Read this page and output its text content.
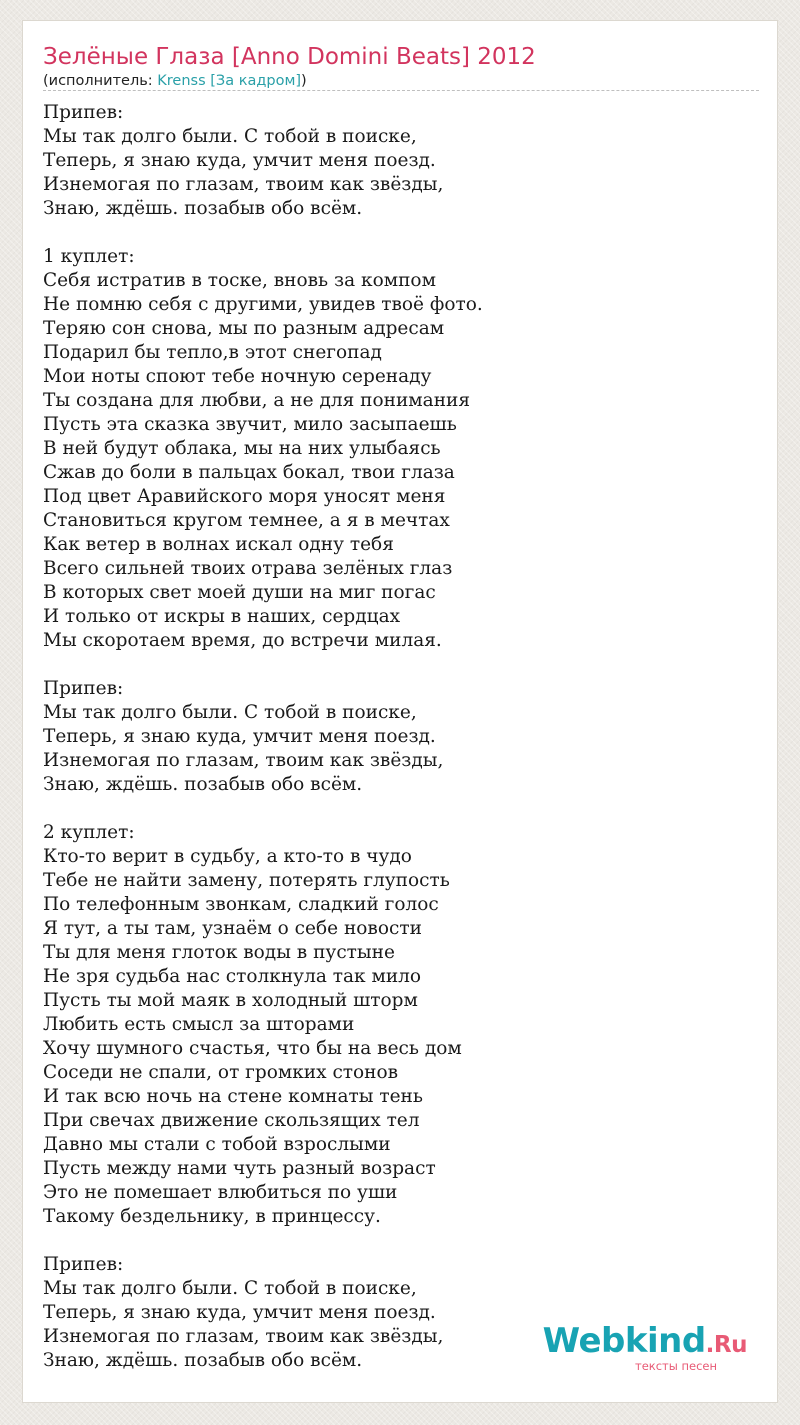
Зелёные Глаза [Anno Domini Beats] 2012
(исполнитель: Krenss [За кадром])
Припев:
Мы так долго были. С тобой в поиске,
Теперь, я знаю куда, умчит меня поезд.
Изнемогая по глазам, твоим как звёзды,
Знаю, ждёшь. позабыв обо всём.

1 куплет:
Себя истратив в тоске, вновь за компом
Не помню себя с другими, увидев твоё фото.
Теряю сон снова, мы по разным адресам
Подарил бы тепло,в этот снегопад
Мои ноты споют тебе ночную серенаду
Ты создана для любви, а не для понимания
Пусть эта сказка звучит, мило засыпаешь
В ней будут облака, мы на них улыбаясь
Сжав до боли в пальцах бокал, твои глаза
Под цвет Аравийского моря уносят меня
Становиться кругом темнее, а я в мечтах
Как ветер в волнах искал одну тебя
Всего сильней твоих отрава зелёных глаз
В которых свет моей души на миг погас
И только от искры в наших, сердцах
Мы скоротаем время, до встречи милая.

Припев:
Мы так долго были. С тобой в поиске,
Теперь, я знаю куда, умчит меня поезд.
Изнемогая по глазам, твоим как звёзды,
Знаю, ждёшь. позабыв обо всём.

2 куплет:
Кто-то верит в судьбу, а кто-то в чудо
Тебе не найти замену, потерять глупость
По телефонным звонкам, сладкий голос
Я тут, а ты там, узнаём о себе новости
Ты для меня глоток воды в пустыне
Не зря судьба нас столкнула так мило
Пусть ты мой маяк в холодный шторм
Любить есть смысл за шторами
Хочу шумного счастья, что бы на весь дом
Соседи не спали, от громких стонов
И так всю ночь на стене комнаты тень
При свечах движение скользящих тел
Давно мы стали с тобой взрослыми
Пусть между нами чуть разный возраст
Это не помешает влюбиться по уши
Такому бездельнику, в принцессу.

Припев:
Мы так долго были. С тобой в поиске,
Теперь, я знаю куда, умчит меня поезд.
Изнемогая по глазам, твоим как звёзды,
Знаю, ждёшь. позабыв обо всём.	Webkind.Ru
тексты песен
